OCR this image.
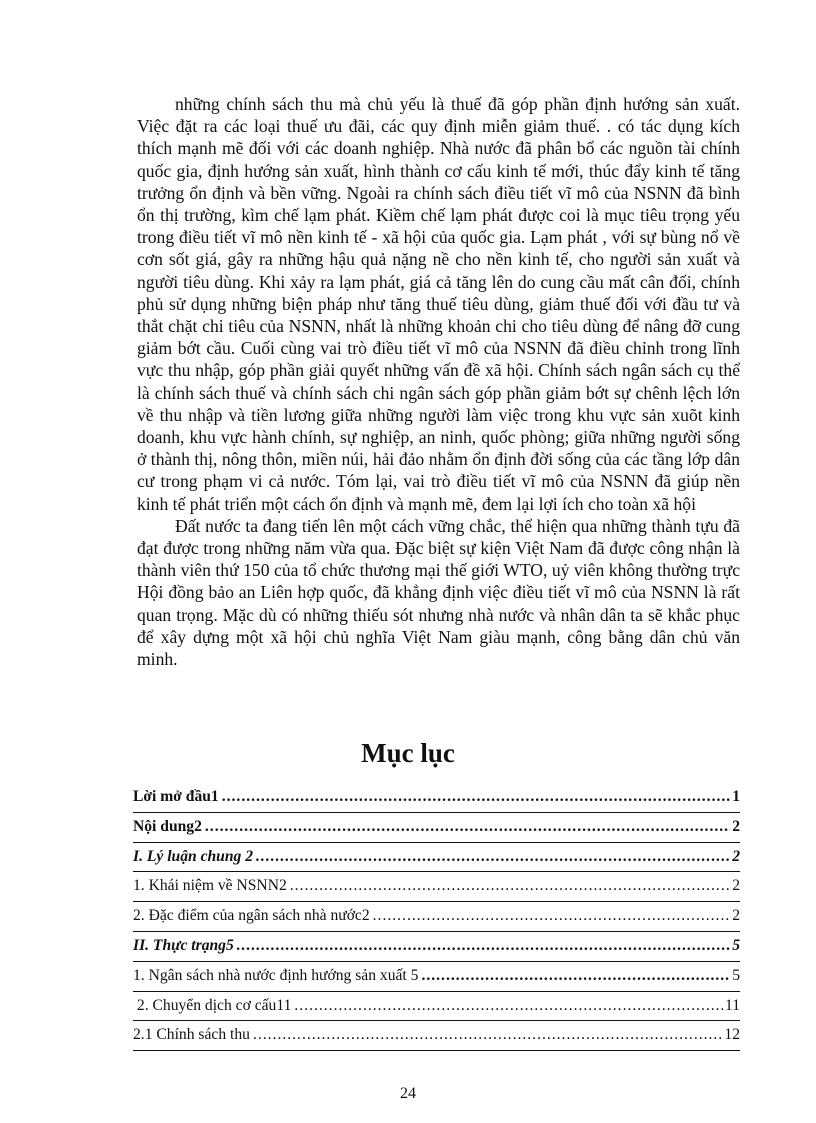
những chính sách thu mà chủ yếu là thuế đã góp phần định hướng sản xuất. Việc đặt ra các loại thuế ưu đãi, các quy định miễn giảm thuế. . có tác dụng kích thích mạnh mẽ đối với các doanh nghiệp. Nhà nước đã phân bổ các nguồn tài chính quốc gia, định hướng sản xuất, hình thành cơ cấu kinh tế mới, thúc đẩy kinh tế tăng trưởng ổn định và bền vững. Ngoài ra chính sách điều tiết vĩ mô của NSNN đã bình ổn thị trường, kìm chế lạm phát. Kiềm chế lạm phát được coi là mục tiêu trọng yếu trong điều tiết vĩ mô nền kinh tế - xã hội của quốc gia. Lạm phát , với sự bùng nổ về cơn sốt giá, gây ra những hậu quả nặng nề cho nền kinh tế, cho người sản xuất và người tiêu dùng. Khi xảy ra lạm phát, giá cả tăng lên do cung cầu mất cân đối, chính phủ sử dụng những biện pháp như tăng thuế tiêu dùng, giảm thuế đối với đầu tư và thắt chặt chi tiêu của NSNN, nhất là những khoản chi cho tiêu dùng để nâng đỡ cung giảm bớt cầu. Cuối cùng vai trò điều tiết vĩ mô của NSNN đã điều chỉnh trong lĩnh vực thu nhập, góp phần giải quyết những vấn đề xã hội. Chính sách ngân sách cụ thể là chính sách thuế và chính sách chi ngân sách góp phần giảm bớt sự chênh lệch lớn về thu nhập và tiền lương giữa những người làm việc trong khu vực sản xuõt kinh doanh, khu vực hành chính, sự nghiệp, an ninh, quốc phòng; giữa những người sống ở thành thị, nông thôn, miền núi, hải đảo nhằm ổn định đời sống của các tầng lớp dân cư trong phạm vi cả nước. Tóm lại, vai trò điều tiết vĩ mô của NSNN đã giúp nền kinh tế phát triển một cách ổn định và mạnh mẽ, đem lại lợi ích cho toàn xã hội

Đất nước ta đang tiến lên một cách vững chắc, thể hiện qua những thành tựu đã đạt được trong những năm vừa qua. Đặc biệt sự kiện Việt Nam đã được công nhận là thành viên thứ 150 của tổ chức thương mại thế giới WTO, uỷ viên không thường trực Hội đồng bảo an Liên hợp quốc, đã khẳng định việc điều tiết vĩ mô của NSNN là rất quan trọng. Mặc dù có những thiếu sót nhưng nhà nước và nhân dân ta sẽ khắc phục để xây dựng một xã hội chủ nghĩa Việt Nam giàu mạnh, công bằng dân chủ văn minh.

Mục lục
Lời mở đầu1 .....	1
Nội dung2 .....	2
I. Lý luận chung 2 .....	2
1. Khái niệm về NSNN2 .....	2
2. Đặc điểm của ngân sách nhà nước2 .....	2
II. Thực trạng5 .....	5
1. Ngân sách nhà nước định hướng sản xuất 5 .....	5
2. Chuyển dịch cơ cấu11 .....	11
2.1 Chính sách thu .....	12
24
